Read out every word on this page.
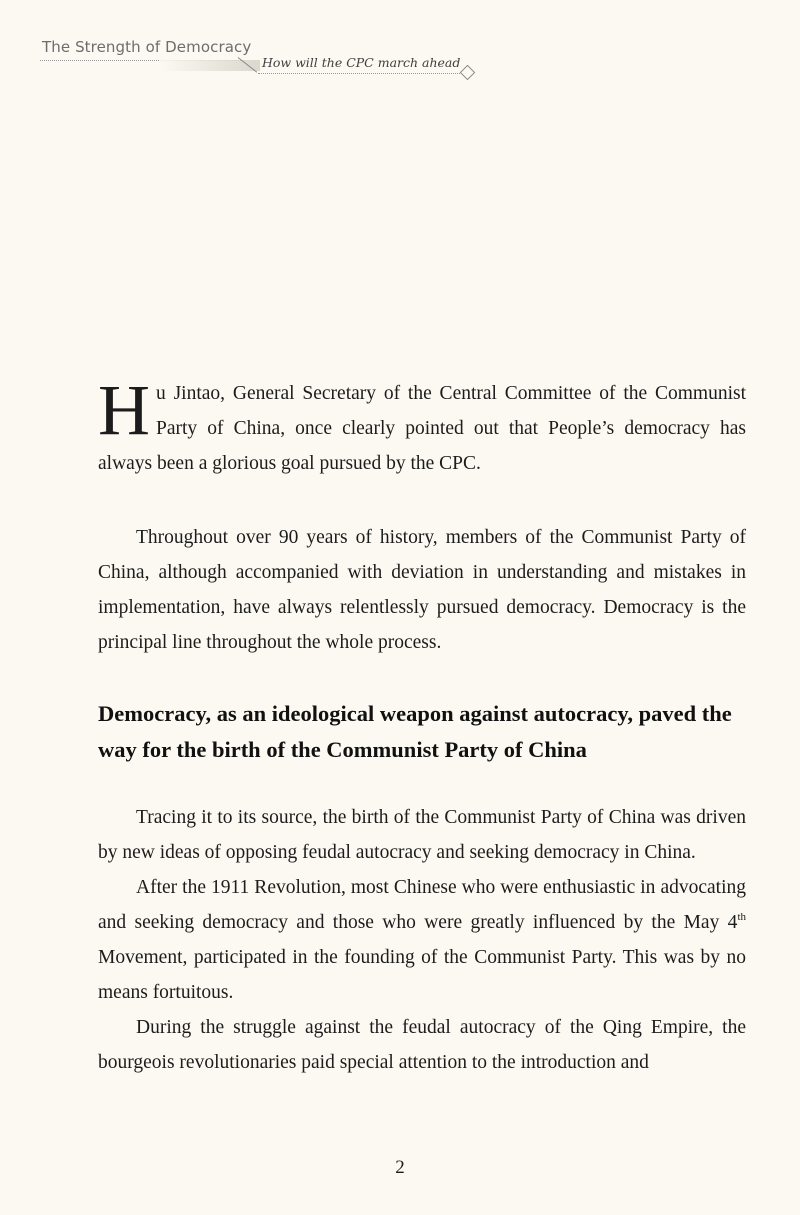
The Strength of Democracy
How will the CPC march ahead
Hu Jintao, General Secretary of the Central Committee of the Communist Party of China, once clearly pointed out that People’s democracy has always been a glorious goal pursued by the CPC.
Throughout over 90 years of history, members of the Communist Party of China, although accompanied with deviation in understanding and mistakes in implementation, have always relentlessly pursued democracy. Democracy is the principal line throughout the whole process.
Democracy, as an ideological weapon against autocracy, paved the way for the birth of the Communist Party of China
Tracing it to its source, the birth of the Communist Party of China was driven by new ideas of opposing feudal autocracy and seeking democracy in China.
After the 1911 Revolution, most Chinese who were enthusiastic in advocating and seeking democracy and those who were greatly influenced by the May 4th Movement, participated in the founding of the Communist Party. This was by no means fortuitous.
During the struggle against the feudal autocracy of the Qing Empire, the bourgeois revolutionaries paid special attention to the introduction and
2
